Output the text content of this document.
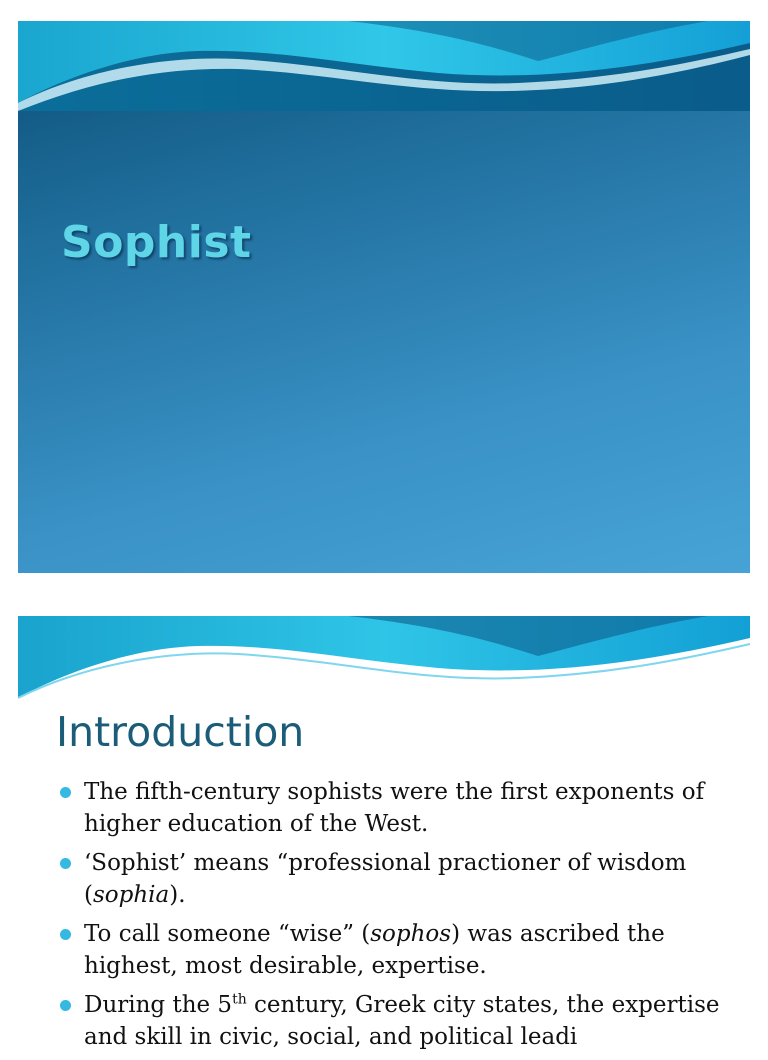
Sophist
Introduction
The fifth-century sophists were the first exponents of higher education of the West.
‘Sophist’ means “professional practioner of wisdom (sophia).
To call someone “wise” (sophos) was ascribed the highest, most desirable, expertise.
During the 5th century, Greek city states, the expertise and skill in civic, social, and political leadi
